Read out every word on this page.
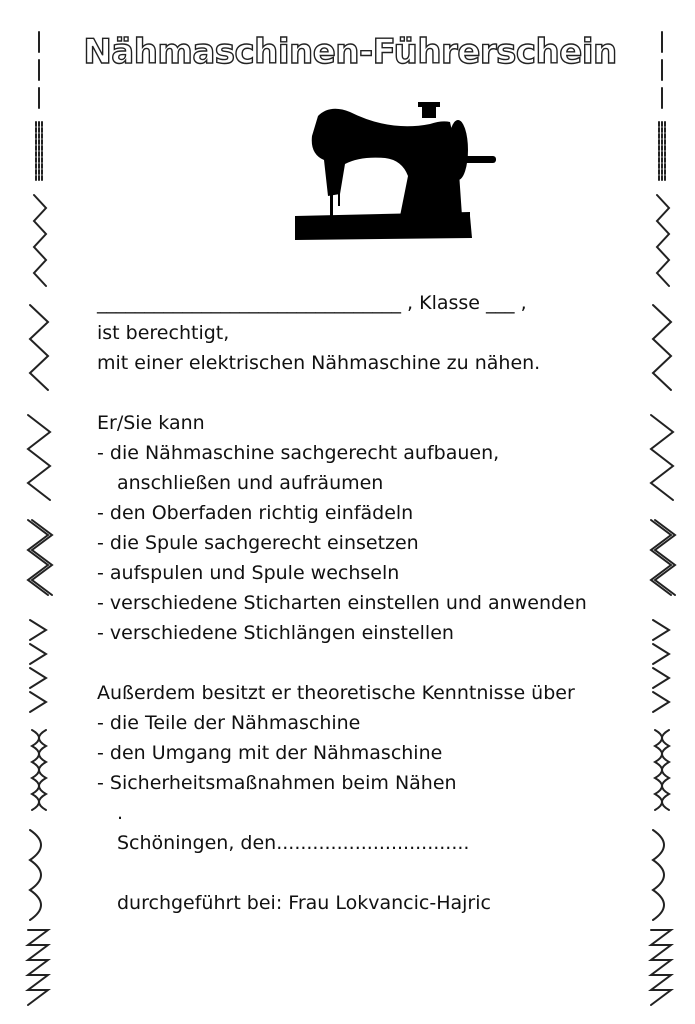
Nähmaschinen-Führerschein
________________________________ , Klasse ___ ,
ist berechtigt,
mit einer elektrischen Nähmaschine zu nähen.
Er/Sie kann
- die Nähmaschine sachgerecht aufbauen,
anschließen und aufräumen
- den Oberfaden richtig einfädeln
- die Spule sachgerecht einsetzen
- aufspulen und Spule wechseln
- verschiedene Sticharten einstellen und anwenden
- verschiedene Stichlängen einstellen
Außerdem besitzt er theoretische Kenntnisse über
- die Teile der Nähmaschine
- den Umgang mit der Nähmaschine
- Sicherheitsmaßnahmen beim Nähen
.
Schöningen, den................................
durchgeführt bei: Frau Lokvancic-Hajric
